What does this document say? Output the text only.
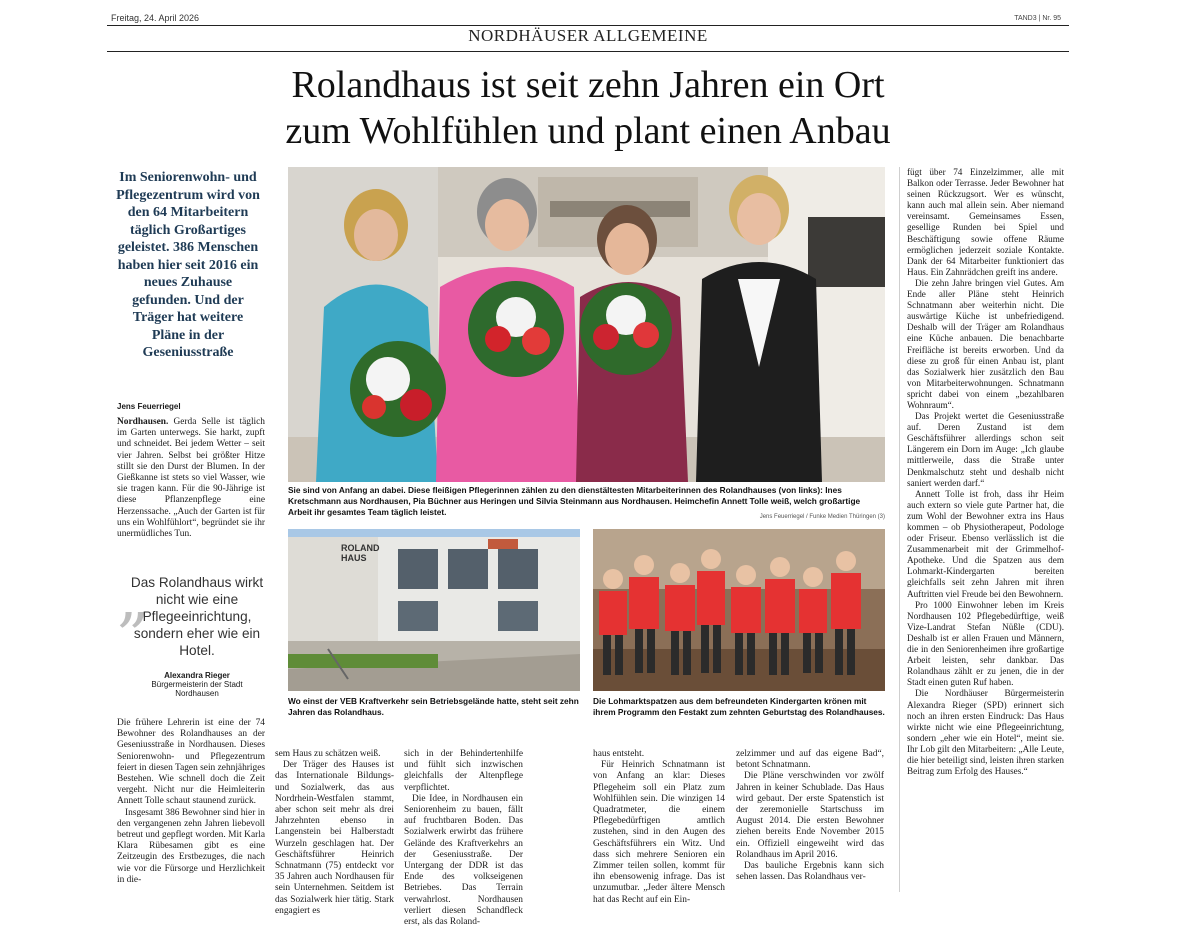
Freitag, 24. April 2026	TAND3 | Nr. 95
NORDHÄUSER ALLGEMEINE
Rolandhaus ist seit zehn Jahren ein Ort
zum Wohlfühlen und plant einen Anbau
Im Seniorenwohn- und Pflegezentrum wird von den 64 Mitarbeitern täglich Großartiges geleistet. 386 Menschen haben hier seit 2016 ein neues Zuhause gefunden. Und der Träger hat weitere Pläne in der Geseniusstraße
Jens Feuerriegel

Nordhausen. Gerda Selle ist täglich im Garten unterwegs. Sie harkt, zupft und schneidet. Bei jedem Wetter – seit vier Jahren. Selbst bei größter Hitze stillt sie den Durst der Blumen. In der Gießkanne ist stets so viel Wasser, wie sie tragen kann. Für die 90-Jährige ist diese Pflanzenpflege eine Herzenssache. „Auch der Garten ist für uns ein Wohlfühlort“, begründet sie ihr unermüdliches Tun.

„
Das Rolandhaus wirkt nicht wie eine Pflegeeinrichtung, sondern eher wie ein Hotel.
Alexandra Rieger
Bürgermeisterin der Stadt Nordhausen
Sie sind von Anfang an dabei. Diese fleißigen Pflegerinnen zählen zu den dienstältesten Mitarbeiterinnen des Rolandhauses (von links): Ines Kretschmann aus Nordhausen, Pia Büchner aus Heringen und Silvia Steinmann aus Nordhausen. Heimchefin Annett Tolle weiß, welch großartige Arbeit ihr gesamtes Team täglich leistet.	Jens Feuerriegel / Funke Medien Thüringen (3)
ROLAND HAUS
Wo einst der VEB Kraftverkehr sein Betriebsgelände hatte, steht seit zehn Jahren das Rolandhaus.
Die Lohmarktspatzen aus dem befreundeten Kindergarten krönen mit ihrem Programm den Festakt zum zehnten Geburtstag des Rolandhauses.

Die frühere Lehrerin ist eine der 74 Bewohner des Rolandhauses an der Geseniusstraße in Nordhausen. Dieses Seniorenwohn- und Pflegezentrum feiert in diesen Tagen sein zehnjähriges Bestehen. Wie schnell doch die Zeit vergeht. Nicht nur die Heimleiterin Annett Tolle schaut staunend zurück.

Insgesamt 386 Bewohner sind hier in den vergangenen zehn Jahren liebevoll betreut und gepflegt worden. Mit Karla Klara Rübesamen gibt es eine Zeitzeugin des Erstbezuges, die nach wie vor die Fürsorge und Herzlichkeit in die-

sem Haus zu schätzen weiß.

Der Träger des Hauses ist das Internationale Bildungs- und Sozialwerk, das aus Nordrhein-Westfalen stammt, aber schon seit mehr als drei Jahrzehnten ebenso in Langenstein bei Halberstadt Wurzeln geschlagen hat. Der Geschäftsführer Heinrich Schnatmann (75) entdeckt vor 35 Jahren auch Nordhausen für sein Unternehmen. Seitdem ist das Sozialwerk hier tätig. Stark engagiert es

sich in der Behindertenhilfe und fühlt sich inzwischen gleichfalls der Altenpflege verpflichtet.

Die Idee, in Nordhausen ein Seniorenheim zu bauen, fällt auf fruchtbaren Boden. Das Sozialwerk erwirbt das frühere Gelände des Kraftverkehrs an der Geseniusstraße. Der Untergang der DDR ist das Ende des volkseigenen Betriebes. Das Terrain verwahrlost. Nordhausen verliert diesen Schandfleck erst, als das Roland-

haus entsteht.

Für Heinrich Schnatmann ist von Anfang an klar: Dieses Pflegeheim soll ein Platz zum Wohlfühlen sein. Die winzigen 14 Quadratmeter, die einem Pflegebedürftigen amtlich zustehen, sind in den Augen des Geschäftsführers ein Witz. Und dass sich mehrere Senioren ein Zimmer teilen sollen, kommt für ihn ebensowenig infrage. Das ist unzumutbar. „Jeder ältere Mensch hat das Recht auf ein Ein-

zelzimmer und auf das eigene Bad“, betont Schnatmann.

Die Pläne verschwinden vor zwölf Jahren in keiner Schublade. Das Haus wird gebaut. Der erste Spatenstich ist der zeremonielle Startschuss im August 2014. Die ersten Bewohner ziehen bereits Ende November 2015 ein. Offiziell eingeweiht wird das Rolandhaus im April 2016.

Das bauliche Ergebnis kann sich sehen lassen. Das Rolandhaus ver-

fügt über 74 Einzelzimmer, alle mit Balkon oder Terrasse. Jeder Bewohner hat seinen Rückzugsort. Wer es wünscht, kann auch mal allein sein. Aber niemand vereinsamt. Gemeinsames Essen, gesellige Runden bei Spiel und Beschäftigung sowie offene Räume ermöglichen jederzeit soziale Kontakte. Dank der 64 Mitarbeiter funktioniert das Haus. Ein Zahnrädchen greift ins andere.

Die zehn Jahre bringen viel Gutes. Am Ende aller Pläne steht Heinrich Schnatmann aber weiterhin nicht. Die auswärtige Küche ist unbefriedigend. Deshalb will der Träger am Rolandhaus eine Küche anbauen. Die benachbarte Freifläche ist bereits erworben. Und da diese zu groß für einen Anbau ist, plant das Sozialwerk hier zusätzlich den Bau von Mitarbeiterwohnungen. Schnatmann spricht dabei von einem „bezahlbaren Wohnraum“.

Das Projekt wertet die Geseniusstraße auf. Deren Zustand ist dem Geschäftsführer allerdings schon seit Längerem ein Dorn im Auge: „Ich glaube mittlerweile, dass die Straße unter Denkmalschutz steht und deshalb nicht saniert werden darf.“

Annett Tolle ist froh, dass ihr Heim auch extern so viele gute Partner hat, die zum Wohl der Bewohner extra ins Haus kommen – ob Physiotherapeut, Podologe oder Friseur. Ebenso verlässlich ist die Zusammenarbeit mit der Grimmelhof-Apotheke. Und die Spatzen aus dem Lohmarkt-Kindergarten bereiten gleichfalls seit zehn Jahren mit ihren Auftritten viel Freude bei den Bewohnern.

Pro 1000 Einwohner leben im Kreis Nordhausen 102 Pflegebedürftige, weiß Vize-Landrat Stefan Nüßle (CDU). Deshalb ist er allen Frauen und Männern, die in den Seniorenheimen ihre großartige Arbeit leisten, sehr dankbar. Das Rolandhaus zählt er zu jenen, die in der Stadt einen guten Ruf haben.

Die Nordhäuser Bürgermeisterin Alexandra Rieger (SPD) erinnert sich noch an ihren ersten Eindruck: Das Haus wirkte nicht wie eine Pflegeeinrichtung, sondern „eher wie ein Hotel“, meint sie. Ihr Lob gilt den Mitarbeitern: „Alle Leute, die hier beteiligt sind, leisten ihren starken Beitrag zum Erfolg des Hauses.“
